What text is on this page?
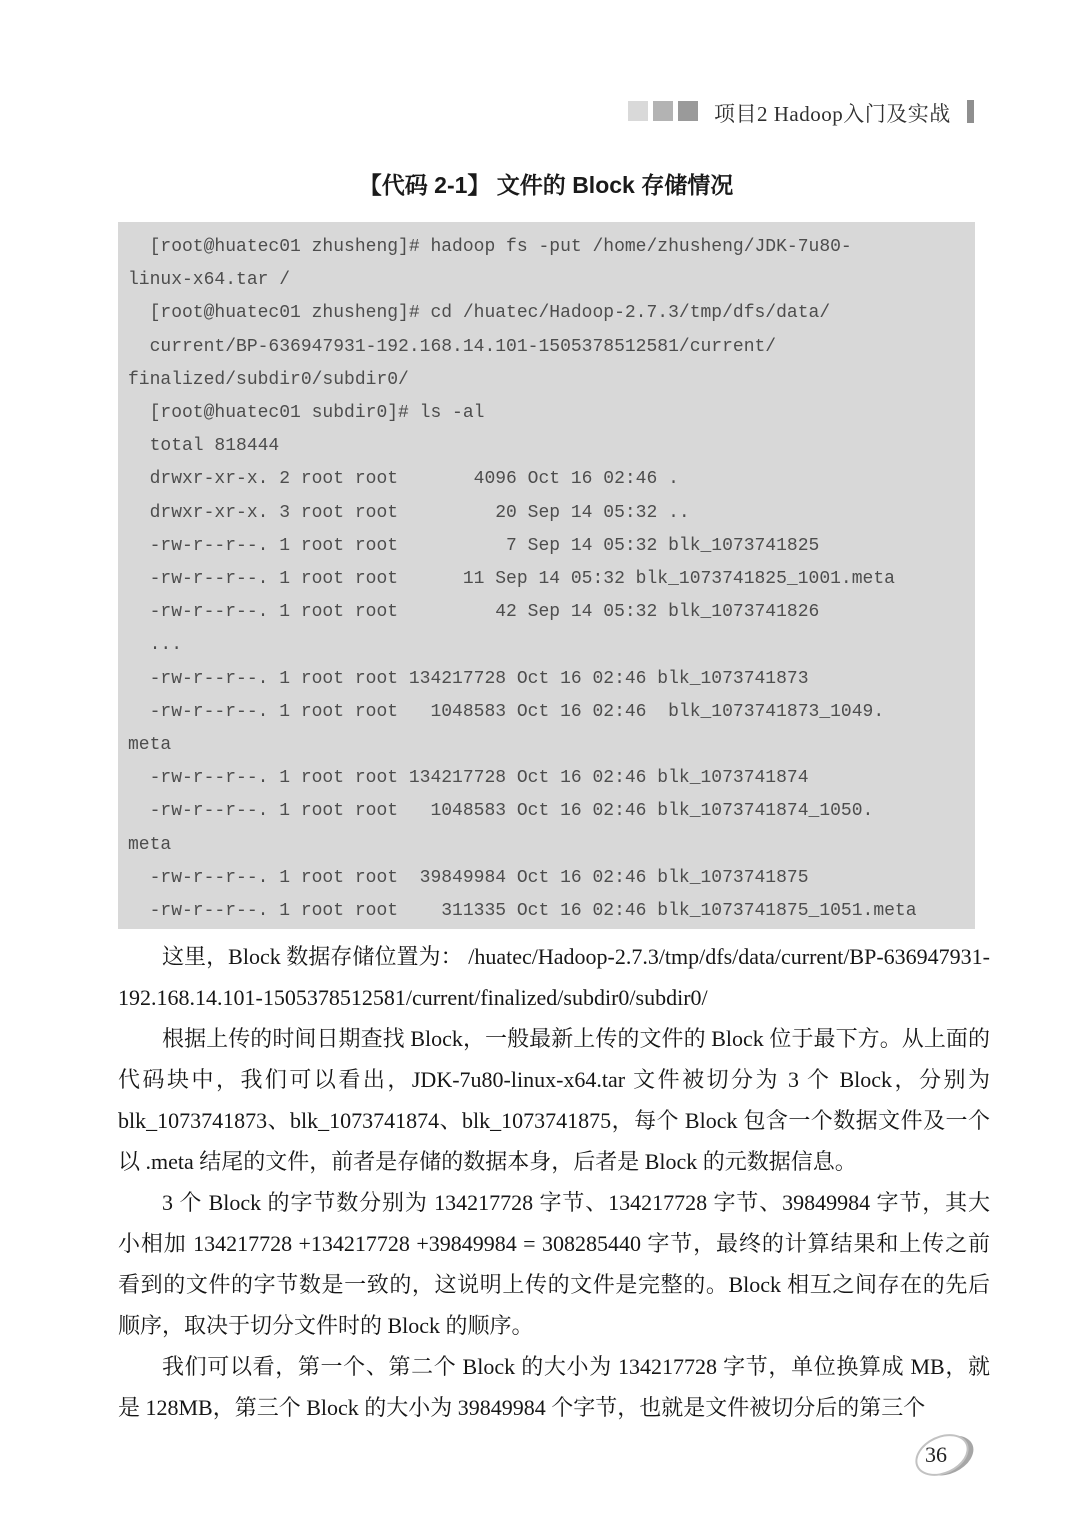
项目2 Hadoop入门及实战
【代码 2-1】 文件的 Block 存储情况
[root@huatec01 zhusheng]# hadoop fs -put /home/zhusheng/JDK-7u80-
linux-x64.tar /
[root@huatec01 zhusheng]# cd /huatec/Hadoop-2.7.3/tmp/dfs/data/
current/BP-636947931-192.168.14.101-1505378512581/current/
finalized/subdir0/subdir0/
[root@huatec01 subdir0]# ls -al
total 818444
drwxr-xr-x. 2 root root       4096 Oct 16 02:46 .
drwxr-xr-x. 3 root root         20 Sep 14 05:32 ..
-rw-r--r--. 1 root root          7 Sep 14 05:32 blk_1073741825
-rw-r--r--. 1 root root      11 Sep 14 05:32 blk_1073741825_1001.meta
-rw-r--r--. 1 root root         42 Sep 14 05:32 blk_1073741826
...
-rw-r--r--. 1 root root 134217728 Oct 16 02:46 blk_1073741873
-rw-r--r--. 1 root root   1048583 Oct 16 02:46  blk_1073741873_1049.
meta
-rw-r--r--. 1 root root 134217728 Oct 16 02:46 blk_1073741874
-rw-r--r--. 1 root root   1048583 Oct 16 02:46 blk_1073741874_1050.
meta
-rw-r--r--. 1 root root  39849984 Oct 16 02:46 blk_1073741875
-rw-r--r--. 1 root root    311335 Oct 16 02:46 blk_1073741875_1051.meta

这里，Block 数据存储位置为： /huatec/Hadoop-2.7.3/tmp/dfs/data/current/BP-636947931-192.168.14.101-1505378512581/current/finalized/subdir0/subdir0/

根据上传的时间日期查找 Block，一般最新上传的文件的 Block 位于最下方。从上面的代码块中，我们可以看出，JDK-7u80-linux-x64.tar 文件被切分为 3 个 Block，分别为 blk_1073741873、blk_1073741874、blk_1073741875，每个 Block 包含一个数据文件及一个以 .meta 结尾的文件，前者是存储的数据本身，后者是 Block 的元数据信息。

3 个 Block 的字节数分别为 134217728 字节、134217728 字节、39849984 字节，其大小相加 134217728 +134217728 +39849984 = 308285440 字节，最终的计算结果和上传之前看到的文件的字节数是一致的，这说明上传的文件是完整的。Block 相互之间存在的先后顺序，取决于切分文件时的 Block 的顺序。

我们可以看，第一个、第二个 Block 的大小为 134217728 字节，单位换算成 MB，就是 128MB，第三个 Block 的大小为 39849984 个字节，也就是文件被切分后的第三个

36
